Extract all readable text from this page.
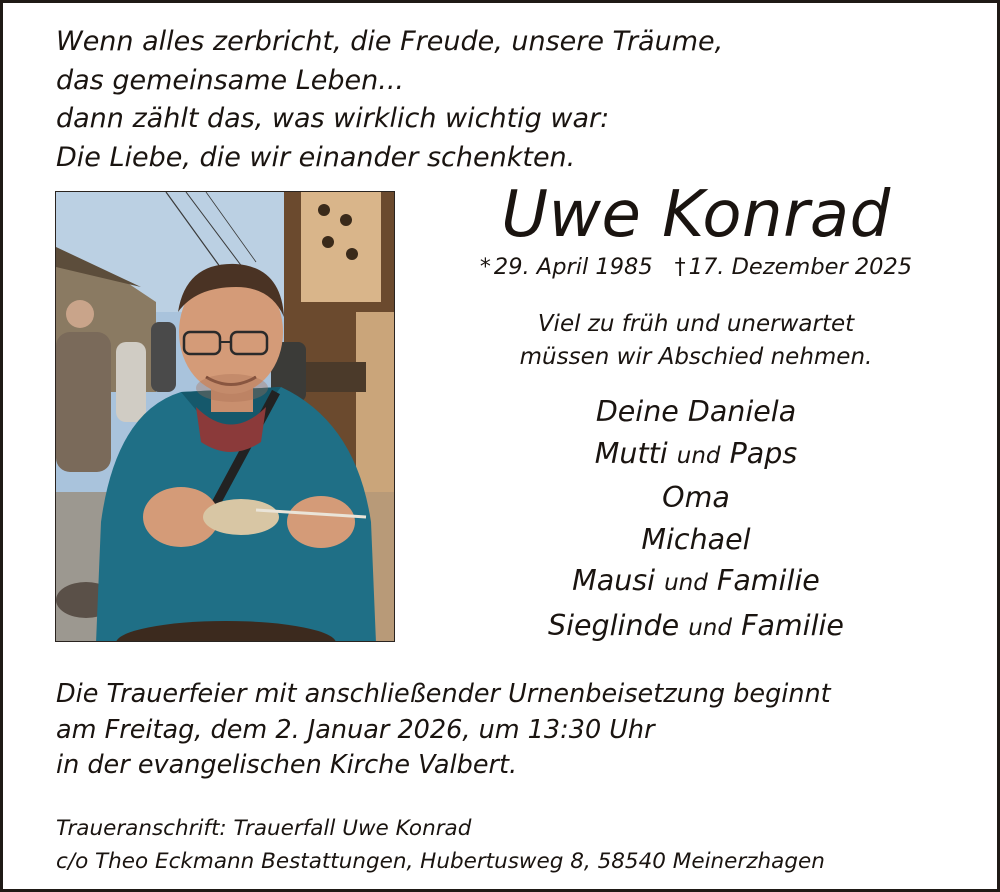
Wenn alles zerbricht, die Freude, unsere Träume,
das gemeinsame Leben...
dann zählt das, was wirklich wichtig war:
Die Liebe, die wir einander schenkten.
Uwe Konrad
* 29. April 1985 † 17. Dezember 2025
Viel zu früh und unerwartet
müssen wir Abschied nehmen.
Deine Daniela
Mutti und Paps
Oma
Michael
Mausi und Familie
Sieglinde und Familie
Die Trauerfeier mit anschließender Urnenbeisetzung beginnt
am Freitag, dem 2. Januar 2026, um 13:30 Uhr
in der evangelischen Kirche Valbert.
Traueranschrift: Trauerfall Uwe Konrad
c/o Theo Eckmann Bestattungen, Hubertusweg 8, 58540 Meinerzhagen
